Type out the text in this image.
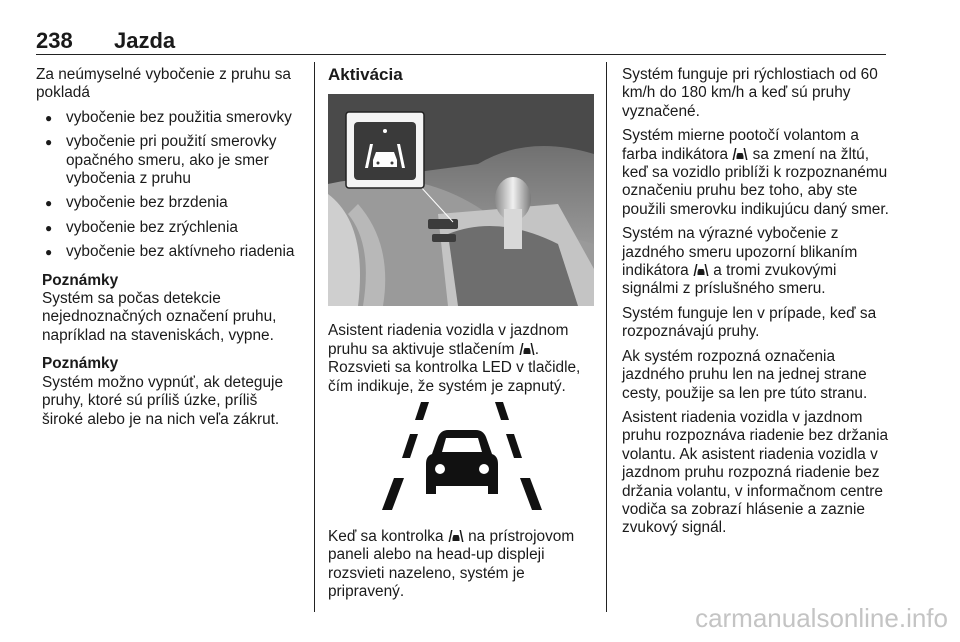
238 Jazda

Za neúmyselné vybočenie z pruhu sa pokladá

● vybočenie bez použitia smerovky
● vybočenie pri použití smerovky opačného smeru, ako je smer vybočenia z pruhu
● vybočenie bez brzdenia
● vybočenie bez zrýchlenia
● vybočenie bez aktívneho riadenia
Poznámky
Systém sa počas detekcie nejednoznačných označení pruhu, napríklad na staveniskách, vypne.
Poznámky
Systém možno vypnúť, ak deteguje pruhy, ktoré sú príliš úzke, príliš široké alebo je na nich veľa zákrut.
Aktivácia

Asistent riadenia vozidla v jazdnom pruhu sa aktivuje stlačením . Rozsvieti sa kontrolka LED v tlačidle, čím indikuje, že systém je zapnutý.

Keď sa kontrolka na prístrojovom paneli alebo na head-up displeji rozsvieti nazeleno, systém je pripravený.

Systém funguje pri rýchlostiach od 60 km/h do 180 km/h a keď sú pruhy vyznačené.

Systém mierne pootočí volantom a farba indikátora sa zmení na žltú, keď sa vozidlo priblíži k rozpoznanému označeniu pruhu bez toho, aby ste použili smerovku indikujúcu daný smer.

Systém na výrazné vybočenie z jazdného smeru upozorní blikaním indikátora a tromi zvukovými signálmi z príslušného smeru.

Systém funguje len v prípade, keď sa rozpoznávajú pruhy.

Ak systém rozpozná označenia jazdného pruhu len na jednej strane cesty, použije sa len pre túto stranu.

Asistent riadenia vozidla v jazdnom pruhu rozpoznáva riadenie bez držania volantu. Ak asistent riadenia vozidla v jazdnom pruhu rozpozná riadenie bez držania volantu, v informačnom centre vodiča sa zobrazí hlásenie a zaznie zvukový signál.

carmanualsonline.info
